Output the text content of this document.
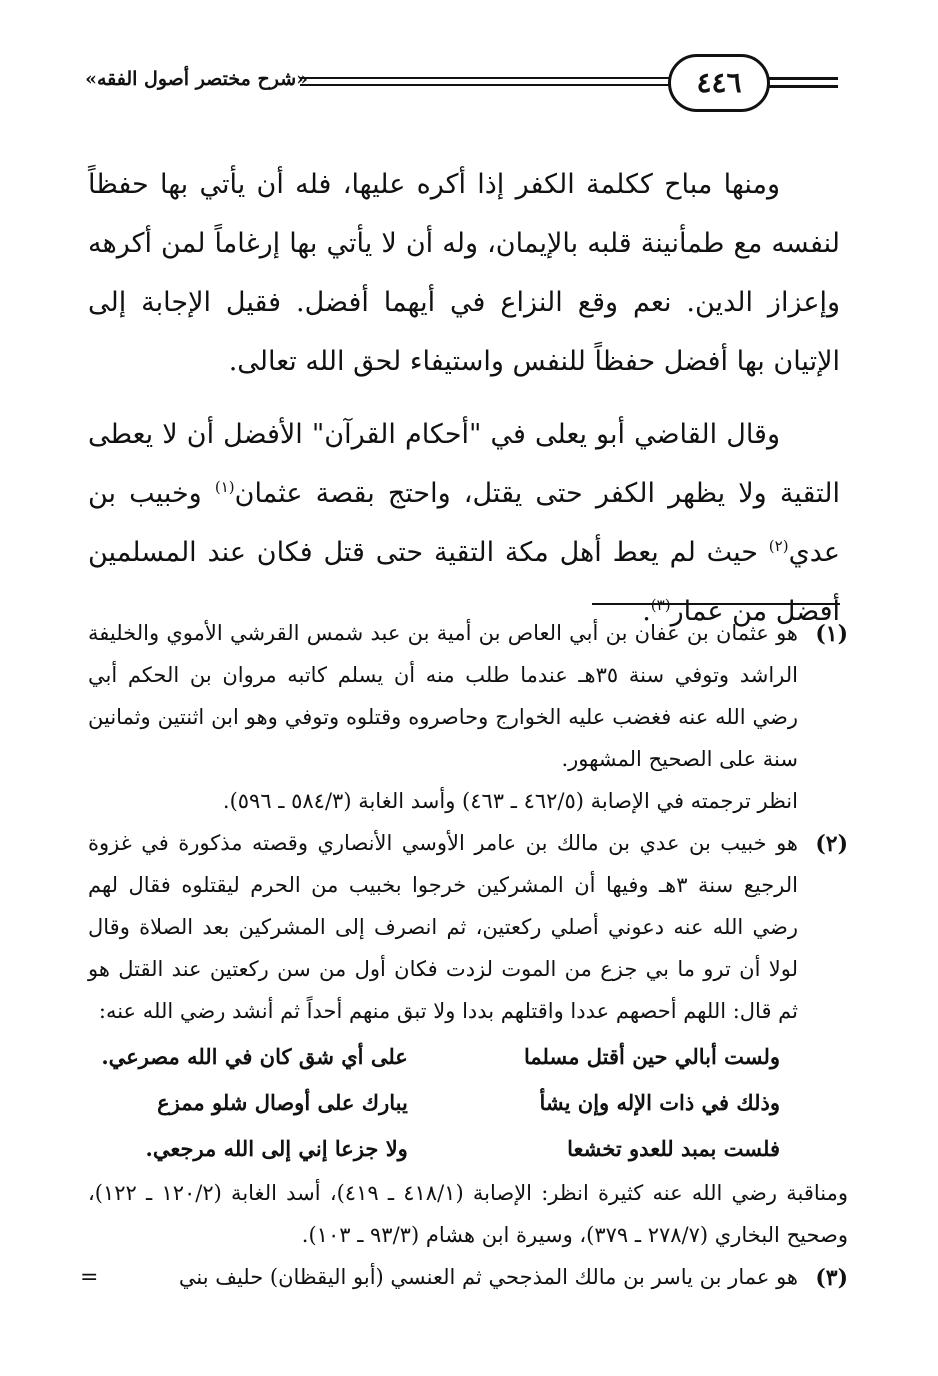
«شرح مختصر أصول الفقه»	٤٤٦

ومنها مباح ككلمة الكفر إذا أكره عليها، فله أن يأتي بها حفظاً لنفسه مع طمأنينة قلبه بالإيمان، وله أن لا يأتي بها إرغاماً لمن أكرهه وإعزاز الدين. نعم وقع النزاع في أيهما أفضل. فقيل الإجابة إلى الإتيان بها أفضل حفظاً للنفس واستيفاء لحق الله تعالى.

وقال القاضي أبو يعلى في "أحكام القرآن" الأفضل أن لا يعطى التقية ولا يظهر الكفر حتى يقتل، واحتج بقصة عثمان$^{(١)}$ وخبيب بن عدي$^{(٢)}$ حيث لم يعط أهل مكة التقية حتى قتل فكان عند المسلمين أفضل من عمار$^{(٣)}$.

(١)

هو عثمان بن عفان بن أبي العاص بن أمية بن عبد شمس القرشي الأموي والخليفة الراشد وتوفي سنة ٣٥هـ عندما طلب منه أن يسلم كاتبه مروان بن الحكم أبي رضي الله عنه فغضب عليه الخوارج وحاصروه وقتلوه وتوفي وهو ابن اثنتين وثمانين سنة على الصحيح المشهور.

انظر ترجمته في الإصابة (٤٦٢/٥ ـ ٤٦٣) وأسد الغابة (٥٨٤/٣ ـ ٥٩٦).

(٢)

هو خبيب بن عدي بن مالك بن عامر الأوسي الأنصاري وقصته مذكورة في غزوة الرجيع سنة ٣هـ وفيها أن المشركين خرجوا بخبيب من الحرم ليقتلوه فقال لهم رضي الله عنه دعوني أصلي ركعتين، ثم انصرف إلى المشركين بعد الصلاة وقال لولا أن ترو ما بي جزع من الموت لزدت فكان أول من سن ركعتين عند القتل هو ثم قال: اللهم أحصهم عددا واقتلهم بددا ولا تبق منهم أحداً ثم أنشد رضي الله عنه:

ولست أبالي حين أقتل مسلما
على أي شق كان في الله مصرعي.
وذلك في ذات الإله وإن يشأ
يبارك على أوصال شلو ممزع
فلست بمبد للعدو تخشعا
ولا جزعا إني إلى الله مرجعي.

ومناقبة رضي الله عنه كثيرة انظر: الإصابة (٤١٨/١ ـ ٤١٩)، أسد الغابة (١٢٠/٢ ـ ١٢٢)، وصحيح البخاري (٢٧٨/٧ ـ ٣٧٩)، وسيرة ابن هشام (٩٣/٣ ـ ١٠٣).

(٣)

هو عمار بن ياسر بن مالك المذجحي ثم العنسي (أبو اليقظان) حليف بني

=
